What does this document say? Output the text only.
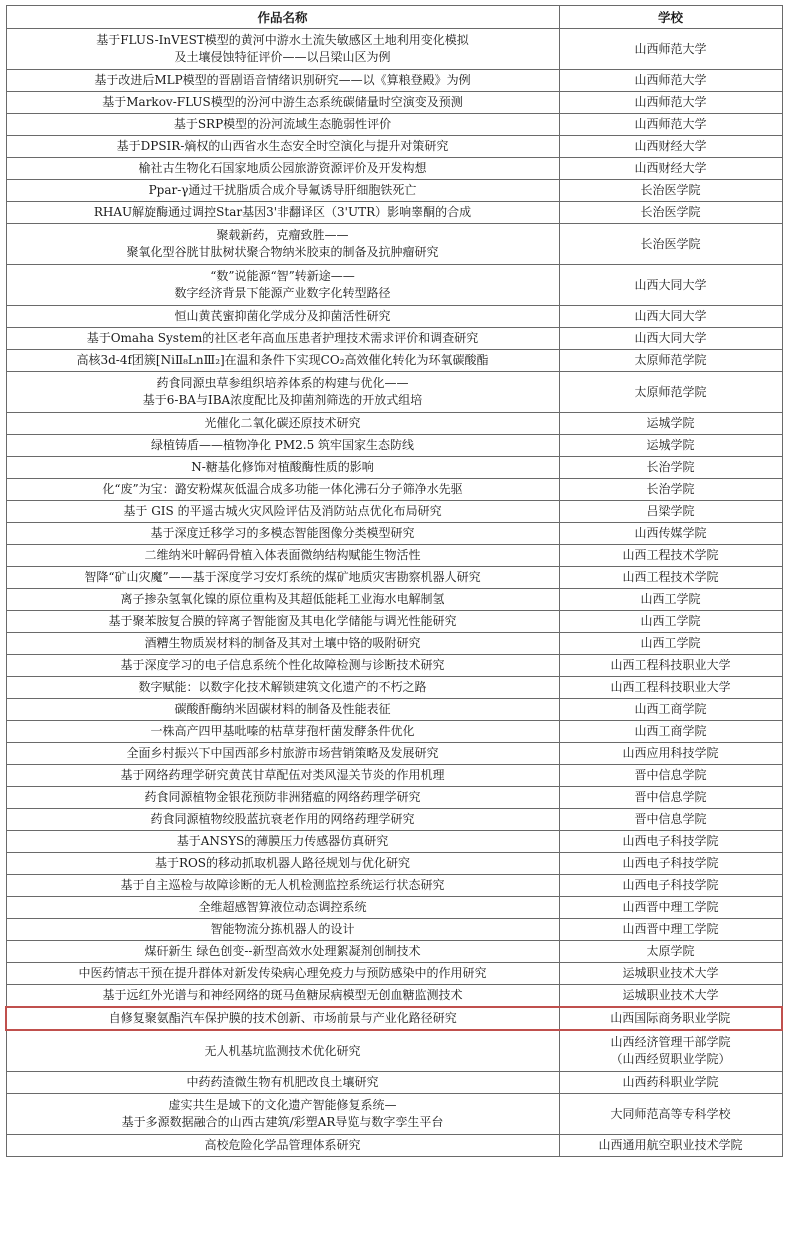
作品名称	学校

基于FLUS-InVEST模型的黄河中游水土流失敏感区土地利用变化模拟
及土壤侵蚀特征评价——以吕梁山区为例	山西师范大学

基于改进后MLP模型的晋剧语音情绪识别研究——以《算粮登殿》为例	山西师范大学

基于Markov-FLUS模型的汾河中游生态系统碳储量时空演变及预测	山西师范大学

基于SRP模型的汾河流域生态脆弱性评价	山西师范大学

基于DPSIR-熵权的山西省水生态安全时空演化与提升对策研究	山西财经大学

榆社古生物化石国家地质公园旅游资源评价及开发构想	山西财经大学

Ppar-γ通过干扰脂质合成介导氟诱导肝细胞铁死亡	长治医学院

RHAU解旋酶通过调控Star基因3'非翻译区（3'UTR）影响睾酮的合成	长治医学院

聚载新药，克瘤致胜——
聚氧化型谷胱甘肽树状聚合物纳米胶束的制备及抗肿瘤研究	长治医学院

“数”说能源“智”转新途——
数字经济背景下能源产业数字化转型路径	山西大同大学

恒山黄芪蜜抑菌化学成分及抑菌活性研究	山西大同大学

基于Omaha System的社区老年高血压患者护理技术需求评价和调查研究	山西大同大学

高核3d-4f团簇[NiⅡ₈LnⅢ₂]在温和条件下实现CO₂高效催化转化为环氧碳酸酯	太原师范学院

药食同源虫草参组织培养体系的构建与优化——
基于6-BA与IBA浓度配比及抑菌剂筛选的开放式组培	太原师范学院

光催化二氧化碳还原技术研究	运城学院

绿植铸盾——植物净化 PM2.5 筑牢国家生态防线	运城学院

N-糖基化修饰对植酸酶性质的影响	长治学院

化“废”为宝：潞安粉煤灰低温合成多功能一体化沸石分子筛净水先驱	长治学院

基于 GIS 的平遥古城火灾风险评估及消防站点优化布局研究	吕梁学院

基于深度迁移学习的多模态智能图像分类模型研究	山西传媒学院

二维纳米叶解码骨植入体表面微纳结构赋能生物活性	山西工程技术学院

智降“矿山灾魔”——基于深度学习安灯系统的煤矿地质灾害勘察机器人研究	山西工程技术学院

离子掺杂氢氧化镍的原位重构及其超低能耗工业海水电解制氢	山西工学院

基于聚苯胺复合膜的锌离子智能窗及其电化学储能与调光性能研究	山西工学院

酒糟生物质炭材料的制备及其对土壤中铬的吸附研究	山西工学院

基于深度学习的电子信息系统个性化故障检测与诊断技术研究	山西工程科技职业大学

数字赋能：以数字化技术解锁建筑文化遗产的不朽之路	山西工程科技职业大学

碳酸酐酶纳米固碳材料的制备及性能表征	山西工商学院

一株高产四甲基吡嗪的枯草芽孢杆菌发酵条件优化	山西工商学院

全面乡村振兴下中国西部乡村旅游市场营销策略及发展研究	山西应用科技学院

基于网络药理学研究黄芪甘草配伍对类风湿关节炎的作用机理	晋中信息学院

药食同源植物金银花预防非洲猪瘟的网络药理学研究	晋中信息学院

药食同源植物绞股蓝抗衰老作用的网络药理学研究	晋中信息学院

基于ANSYS的薄膜压力传感器仿真研究	山西电子科技学院

基于ROS的移动抓取机器人路径规划与优化研究	山西电子科技学院

基于自主巡检与故障诊断的无人机检测监控系统运行状态研究	山西电子科技学院

全维超感智算液位动态调控系统	山西晋中理工学院

智能物流分拣机器人的设计	山西晋中理工学院

煤矸新生 绿色创变--新型高效水处理絮凝剂创制技术	太原学院

中医药情志干预在提升群体对新发传染病心理免疫力与预防感染中的作用研究	运城职业技术大学

基于远红外光谱与和神经网络的斑马鱼糖尿病模型无创血糖监测技术	运城职业技术大学

自修复聚氨酯汽车保护膜的技术创新、市场前景与产业化路径研究	山西国际商务职业学院

无人机基坑监测技术优化研究	山西经济管理干部学院
（山西经贸职业学院）

中药药渣微生物有机肥改良土壤研究	山西药科职业学院

虚实共生是域下的文化遗产智能修复系统—
基于多源数据融合的山西古建筑/彩塑AR导览与数字孪生平台	大同师范高等专科学校

高校危险化学品管理体系研究	山西通用航空职业技术学院
